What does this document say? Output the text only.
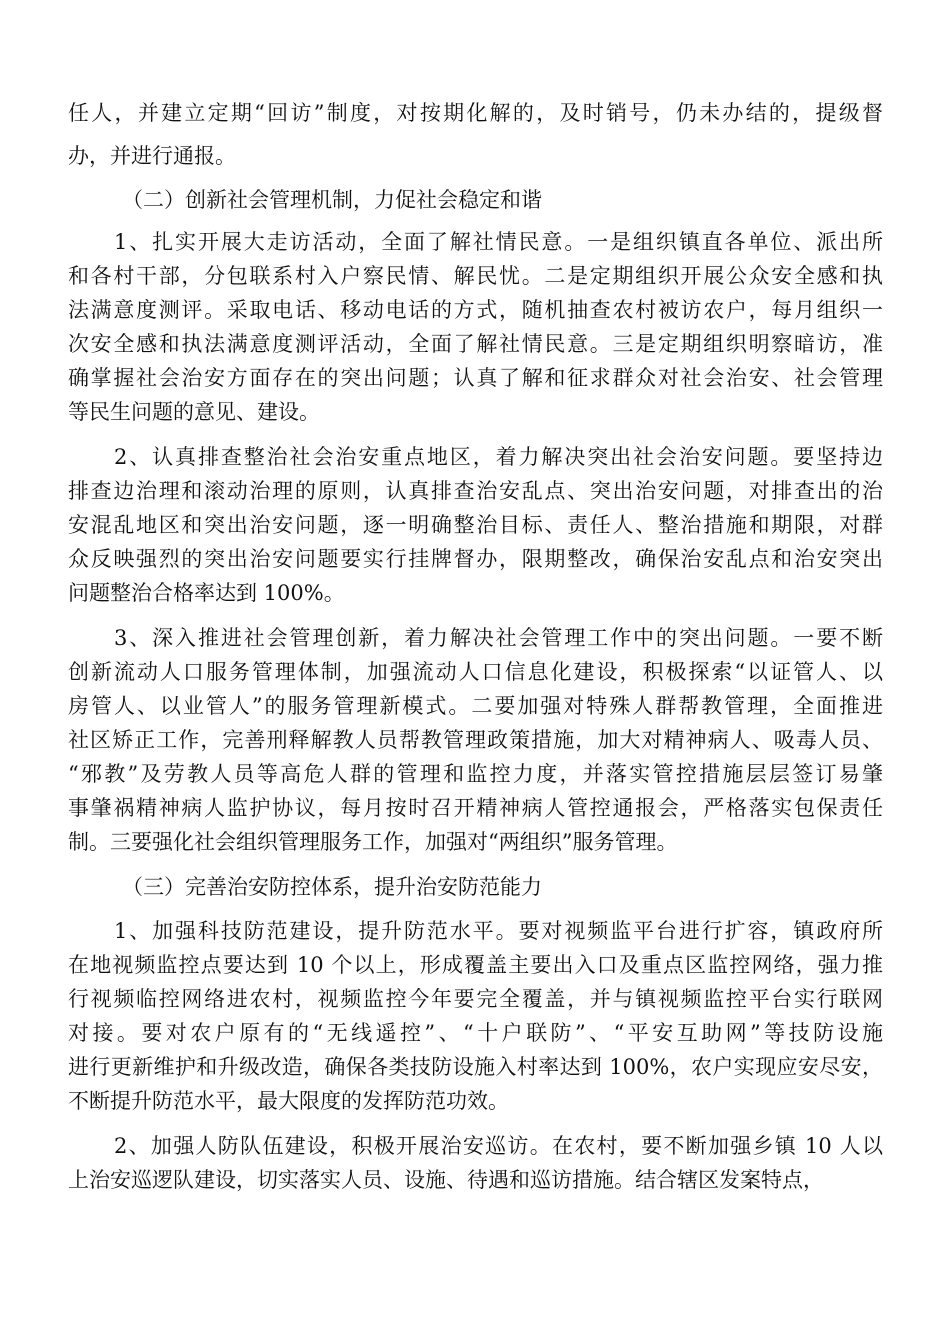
任人，并建立定期“回访”制度，对按期化解的，及时销号，仍未办结的，提级督
办，并进行通报。
（二）创新社会管理机制，力促社会稳定和谐
1、扎实开展大走访活动，全面了解社情民意。一是组织镇直各单位、派出所
和各村干部，分包联系村入户察民情、解民忧。二是定期组织开展公众安全感和执
法满意度测评。采取电话、移动电话的方式，随机抽查农村被访农户，每月组织一
次安全感和执法满意度测评活动，全面了解社情民意。三是定期组织明察暗访，准
确掌握社会治安方面存在的突出问题；认真了解和征求群众对社会治安、社会管理
等民生问题的意见、建设。
2、认真排查整治社会治安重点地区，着力解决突出社会治安问题。要坚持边
排查边治理和滚动治理的原则，认真排查治安乱点、突出治安问题，对排查出的治
安混乱地区和突出治安问题，逐一明确整治目标、责任人、整治措施和期限，对群
众反映强烈的突出治安问题要实行挂牌督办，限期整改，确保治安乱点和治安突出
问题整治合格率达到 100%。
3、深入推进社会管理创新，着力解决社会管理工作中的突出问题。一要不断
创新流动人口服务管理体制，加强流动人口信息化建设，积极探索“以证管人、以
房管人、以业管人”的服务管理新模式。二要加强对特殊人群帮教管理，全面推进
社区矫正工作，完善刑释解教人员帮教管理政策措施，加大对精神病人、吸毒人员、
“邪教”及劳教人员等高危人群的管理和监控力度，并落实管控措施层层签订易肇
事肇祸精神病人监护协议，每月按时召开精神病人管控通报会，严格落实包保责任
制。三要强化社会组织管理服务工作，加强对“两组织”服务管理。
（三）完善治安防控体系，提升治安防范能力
1、加强科技防范建设，提升防范水平。要对视频监平台进行扩容，镇政府所
在地视频监控点要达到 10 个以上，形成覆盖主要出入口及重点区监控网络，强力推
行视频临控网络进农村，视频监控今年要完全覆盖，并与镇视频监控平台实行联网
对接。要对农户原有的“无线遥控”、“十户联防”、“平安互助网”等技防设施
进行更新维护和升级改造，确保各类技防设施入村率达到 100%，农户实现应安尽安，
不断提升防范水平，最大限度的发挥防范功效。
2、加强人防队伍建设，积极开展治安巡访。在农村，要不断加强乡镇 10 人以
上治安巡逻队建设，切实落实人员、设施、待遇和巡访措施。结合辖区发案特点，
